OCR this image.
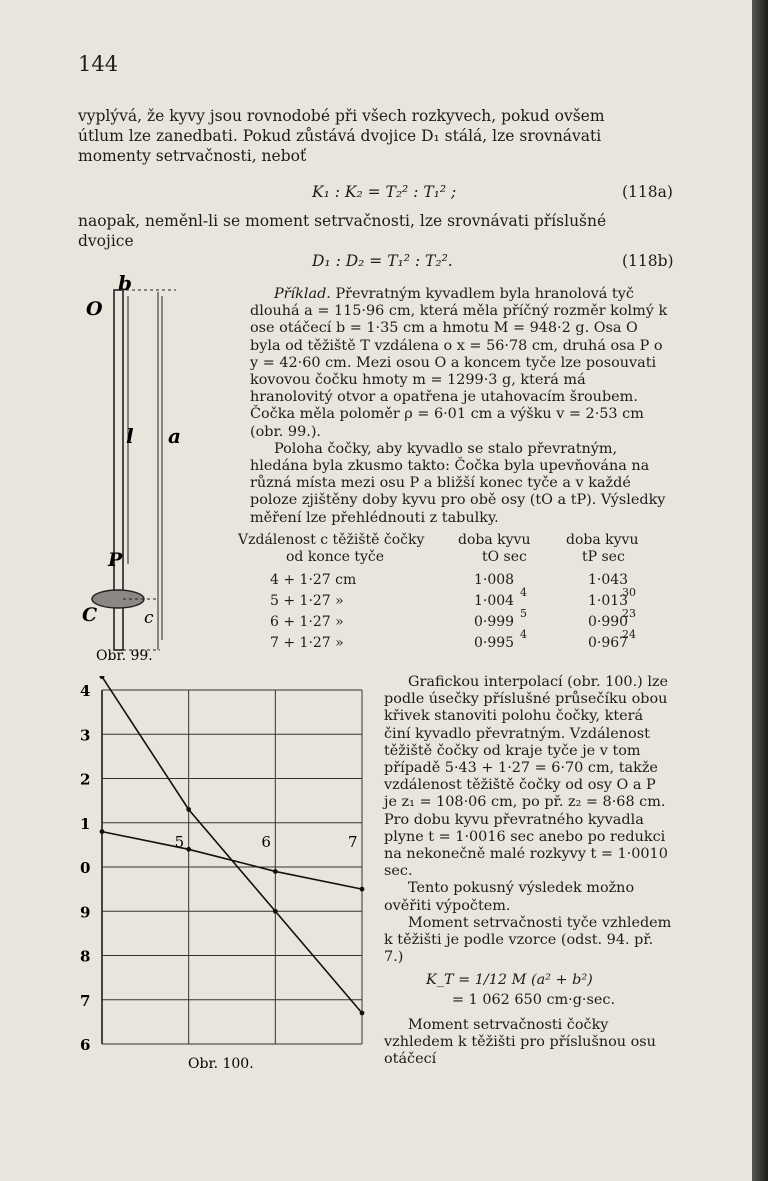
144
vyplývá, že kyvy jsou rovnodobé při všech rozkyvech, pokud ovšem
útlum lze zanedbati. Pokud zůstává dvojice D₁ stálá, lze srovnávati
momenty setrvačnosti, neboť
K₁ : K₂ = T₂² : T₁² ;	(118a)
naopak, neměnl-li se moment setrvačnosti, lze srovnávati příslušné
dvojice
D₁ : D₂ = T₁² : T₂².	(118b)
b
O
l a
P
C	c
Obr. 99.

Příklad. Převratným kyvadlem byla hranolová tyč dlouhá a = 115·96 cm, která měla příčný rozměr kolmý k ose otáčecí b = 1·35 cm a hmotu M = 948·2 g. Osa O byla od těžiště T vzdálena o x = 56·78 cm, druhá osa P o y = 42·60 cm. Mezi osou O a koncem tyče lze posouvati kovovou čočku hmoty m = 1299·3 g, která má hranolovitý otvor a opatřena je utahovacím šroubem. Čočka měla poloměr ρ = 6·01 cm a výšku v = 2·53 cm (obr. 99.).

Poloha čočky, aby kyvadlo se stalo převratným, hledána byla zkusmo takto: Čočka byla upevňována na různá místa mezi osu P a bližší konec tyče a v každé poloze zjištěny doby kyvu pro obě osy (tO a tP). Výsledky měření lze přehlédnouti z tabulky.

Vzdálenost c těžiště čočky
od konce tyče
doba kyvu
tO sec
doba kyvu
tP sec
4 + 1·27 cm	1·008	1·043
5 + 1·27 »	1·004	1·013
6 + 1·27 »	0·999	0·990
7 + 1·27 »	0·995	0·967
4
5
4
30
23
24
4
3
2
1
0
9
8
7
6
5	6	7
Obr. 100.

Grafickou interpolací (obr. 100.) lze podle úsečky příslušné průsečíku obou křivek stanoviti polohu čočky, která činí kyvadlo převratným. Vzdálenost těžiště čočky od kraje tyče je v tom případě 5·43 + 1·27 = 6·70 cm, takže vzdálenost těžiště čočky od osy O a P je z₁ = 108·06 cm, po př. z₂ = 8·68 cm. Pro dobu kyvu převratného kyvadla plyne t = 1·0016 sec anebo po redukci na nekonečně malé rozkyvy t = 1·0010 sec.

Tento pokusný výsledek možno ověřiti výpočtem.

Moment setrvačnosti tyče vzhledem k těžišti je podle vzorce (odst. 94. př. 7.)

K_T = 1/12 M (a² + b²)

= 1 062 650 cm·g·sec.

Moment setrvačnosti čočky vzhledem k těžišti pro příslušnou osu otáčecí
